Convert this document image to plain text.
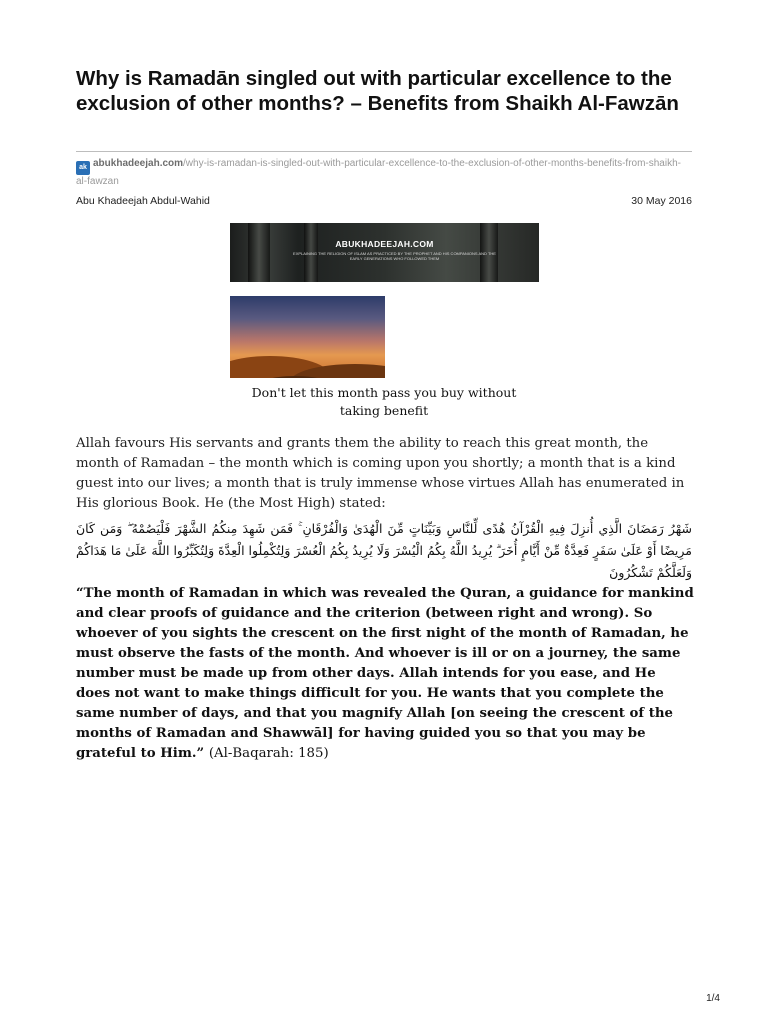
Why is Ramadān singled out with particular excellence to the exclusion of other months? – Benefits from Shaikh Al-Fawzān
ak abukhadeejah.com/why-is-ramadan-is-singled-out-with-particular-excellence-to-the-exclusion-of-other-months-benefits-from-shaikh-al-fawzan
Abu Khadeejah Abdul-Wahid	30 May 2016
ABUKHADEEJAH.COM
EXPLAINING THE RELIGION OF ISLAM AS PRACTICED BY THE PROPHET AND HIS COMPANIONS AND THE EARLY GENERATIONS WHO FOLLOWED THEM
Don't let this month pass you buy without taking benefit

Allah favours His servants and grants them the ability to reach this great month, the month of Ramadan – the month which is coming upon you shortly; a month that is a kind guest into our lives; a month that is truly immense whose virtues Allah has enumerated in His glorious Book. He (the Most High) stated:

شَهْرُ رَمَضَانَ الَّذِي أُنزِلَ فِيهِ الْقُرْآنُ هُدًى لِّلنَّاسِ وَبَيِّنَاتٍ مِّنَ الْهُدَىٰ وَالْفُرْقَانِ ۚ فَمَن شَهِدَ مِنكُمُ الشَّهْرَ فَلْيَصُمْهُ ۖ وَمَن كَانَ مَرِيضًا أَوْ عَلَىٰ سَفَرٍ فَعِدَّةٌ مِّنْ أَيَّامٍ أُخَرَ ۗ يُرِيدُ اللَّهُ بِكُمُ الْيُسْرَ وَلَا يُرِيدُ بِكُمُ الْعُسْرَ وَلِتُكْمِلُوا الْعِدَّةَ وَلِتُكَبِّرُوا اللَّهَ عَلَىٰ مَا هَدَاكُمْ وَلَعَلَّكُمْ تَشْكُرُونَ

“The month of Ramadan in which was revealed the Quran, a guidance for mankind and clear proofs of guidance and the criterion (between right and wrong). So whoever of you sights the crescent on the first night of the month of Ramadan, he must observe the fasts of the month. And whoever is ill or on a journey, the same number must be made up from other days. Allah intends for you ease, and He does not want to make things difficult for you. He wants that you complete the same number of days, and that you magnify Allah [on seeing the crescent of the months of Ramadan and Shawwāl] for having guided you so that you may be grateful to Him.” (Al-Baqarah: 185)

1/4
